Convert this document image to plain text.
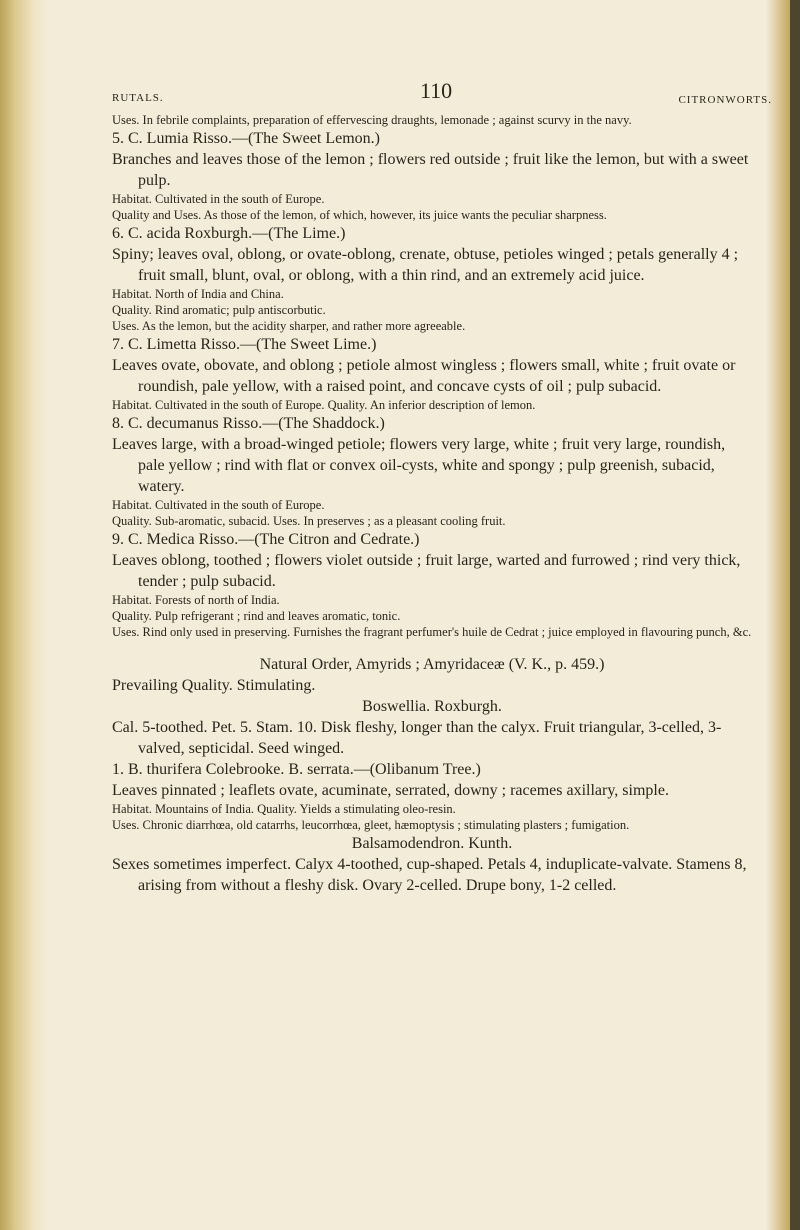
RUTALS.	110	CITRONWORTS.

Uses. In febrile complaints, preparation of effervescing draughts, lemonade ; against scurvy in the navy.

5. C. Lumia Risso.—(The Sweet Lemon.)

Branches and leaves those of the lemon ; flowers red outside ; fruit like the lemon, but with a sweet pulp.

Habitat. Cultivated in the south of Europe.

Quality and Uses. As those of the lemon, of which, however, its juice wants the peculiar sharpness.

6. C. acida Roxburgh.—(The Lime.)

Spiny; leaves oval, oblong, or ovate-oblong, crenate, obtuse, petioles winged ; petals generally 4 ; fruit small, blunt, oval, or oblong, with a thin rind, and an extremely acid juice.

Habitat. North of India and China.

Quality. Rind aromatic; pulp antiscorbutic.

Uses. As the lemon, but the acidity sharper, and rather more agreeable.

7. C. Limetta Risso.—(The Sweet Lime.)

Leaves ovate, obovate, and oblong ; petiole almost wingless ; flowers small, white ; fruit ovate or roundish, pale yellow, with a raised point, and concave cysts of oil ; pulp subacid.

Habitat. Cultivated in the south of Europe. Quality. An inferior description of lemon.

8. C. decumanus Risso.—(The Shaddock.)

Leaves large, with a broad-winged petiole; flowers very large, white ; fruit very large, roundish, pale yellow ; rind with flat or convex oil-cysts, white and spongy ; pulp greenish, subacid, watery.

Habitat. Cultivated in the south of Europe.

Quality. Sub-aromatic, subacid. Uses. In preserves ; as a pleasant cooling fruit.

9. C. Medica Risso.—(The Citron and Cedrate.)

Leaves oblong, toothed ; flowers violet outside ; fruit large, warted and furrowed ; rind very thick, tender ; pulp subacid.

Habitat. Forests of north of India.

Quality. Pulp refrigerant ; rind and leaves aromatic, tonic.

Uses. Rind only used in preserving. Furnishes the fragrant perfumer's huile de Cedrat ; juice employed in flavouring punch, &c.

Natural Order, Amyrids ; Amyridaceæ (V. K., p. 459.)

Prevailing Quality. Stimulating.

Boswellia. Roxburgh.

Cal. 5-toothed. Pet. 5. Stam. 10. Disk fleshy, longer than the calyx. Fruit triangular, 3-celled, 3-valved, septicidal. Seed winged.

1. B. thurifera Colebrooke. B. serrata.—(Olibanum Tree.)

Leaves pinnated ; leaflets ovate, acuminate, serrated, downy ; racemes axillary, simple.

Habitat. Mountains of India. Quality. Yields a stimulating oleo-resin.

Uses. Chronic diarrhœa, old catarrhs, leucorrhœa, gleet, hæmoptysis ; stimulating plasters ; fumigation.

Balsamodendron. Kunth.

Sexes sometimes imperfect. Calyx 4-toothed, cup-shaped. Petals 4, induplicate-valvate. Stamens 8, arising from without a fleshy disk. Ovary 2-celled. Drupe bony, 1-2 celled.
